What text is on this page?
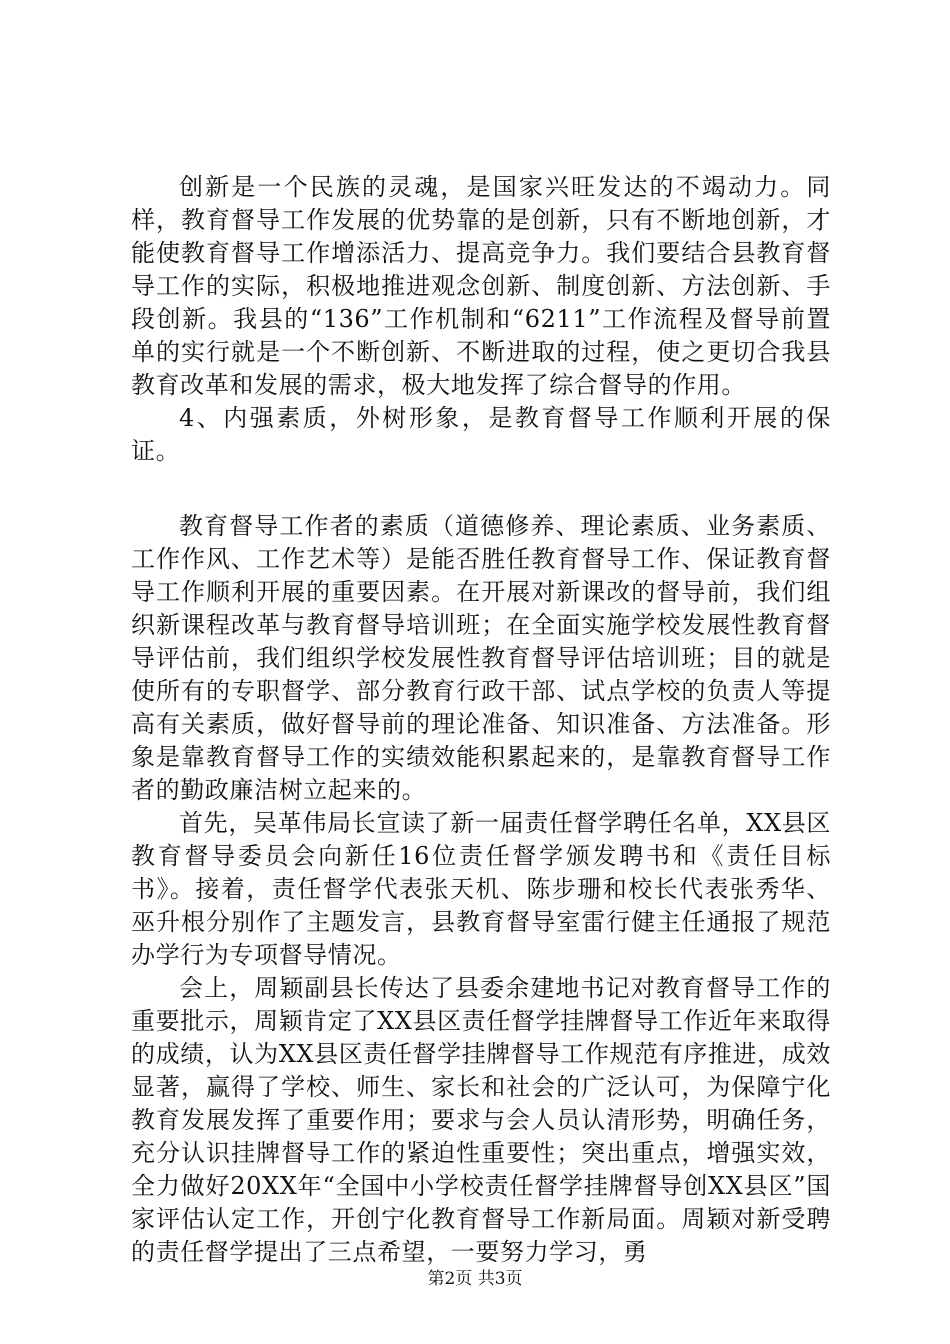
创新是一个民族的灵魂，是国家兴旺发达的不竭动力。同样，教育督导工作发展的优势靠的是创新，只有不断地创新，才能使教育督导工作增添活力、提高竞争力。我们要结合县教育督导工作的实际，积极地推进观念创新、制度创新、方法创新、手段创新。我县的“136”工作机制和“6211”工作流程及督导前置单的实行就是一个不断创新、不断进取的过程，使之更切合我县教育改革和发展的需求，极大地发挥了综合督导的作用。

4、内强素质，外树形象，是教育督导工作顺利开展的保证。

教育督导工作者的素质（道德修养、理论素质、业务素质、工作作风、工作艺术等）是能否胜任教育督导工作、保证教育督导工作顺利开展的重要因素。在开展对新课改的督导前，我们组织新课程改革与教育督导培训班；在全面实施学校发展性教育督导评估前，我们组织学校发展性教育督导评估培训班；目的就是使所有的专职督学、部分教育行政干部、试点学校的负责人等提高有关素质，做好督导前的理论准备、知识准备、方法准备。形象是靠教育督导工作的实绩效能积累起来的，是靠教育督导工作者的勤政廉洁树立起来的。

首先，吴革伟局长宣读了新一届责任督学聘任名单，XX县区教育督导委员会向新任16位责任督学颁发聘书和《责任目标书》。接着，责任督学代表张天机、陈步珊和校长代表张秀华、巫升根分别作了主题发言，县教育督导室雷行健主任通报了规范办学行为专项督导情况。

会上，周颖副县长传达了县委余建地书记对教育督导工作的重要批示，周颖肯定了XX县区责任督学挂牌督导工作近年来取得的成绩，认为XX县区责任督学挂牌督导工作规范有序推进，成效显著，赢得了学校、师生、家长和社会的广泛认可，为保障宁化教育发展发挥了重要作用；要求与会人员认清形势，明确任务，充分认识挂牌督导工作的紧迫性重要性；突出重点，增强实效，全力做好20XX年“全国中小学校责任督学挂牌督导创XX县区”国家评估认定工作，开创宁化教育督导工作新局面。周颖对新受聘的责任督学提出了三点希望，一要努力学习，勇

第2页 共3页
